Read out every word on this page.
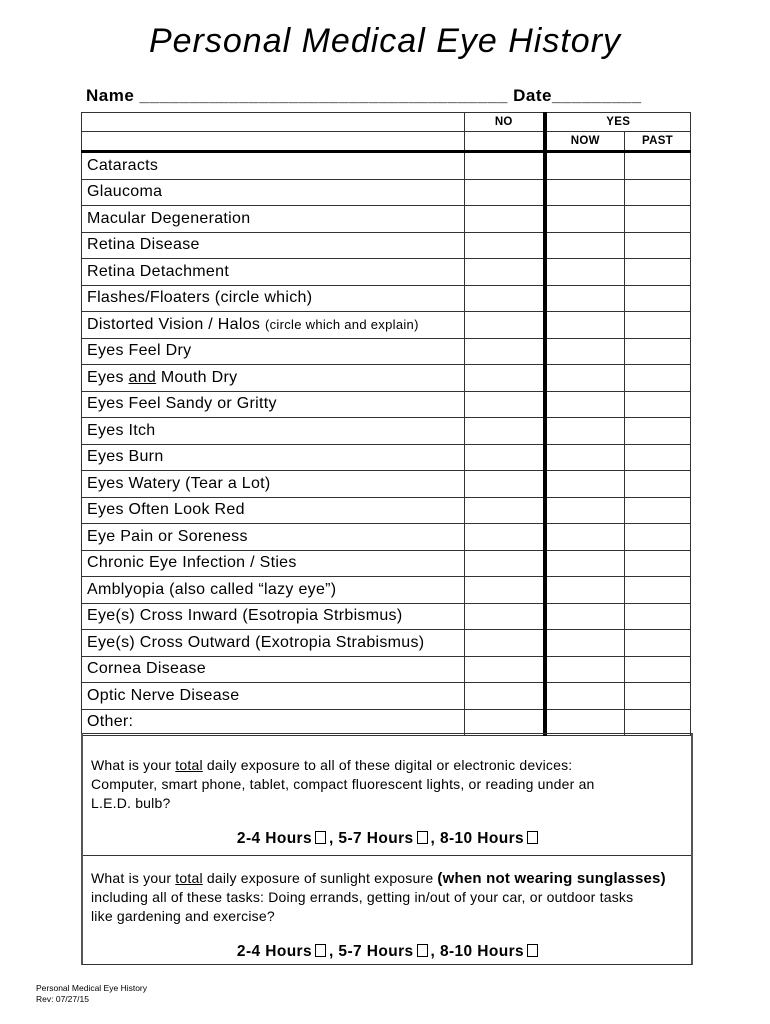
Personal Medical Eye History
Name _____________________________________ Date_________
	NO	YES	
		NOW	PAST
Cataracts			
Glaucoma			
Macular Degeneration			
Retina Disease			
Retina Detachment			
Flashes/Floaters (circle which)			
Distorted Vision / Halos (circle which and explain)			
Eyes Feel Dry			
Eyes and Mouth Dry			
Eyes Feel Sandy or Gritty			
Eyes Itch			
Eyes Burn			
Eyes Watery (Tear a Lot)			
Eyes Often Look Red			
Eye Pain or Soreness			
Chronic Eye Infection / Sties			
Amblyopia (also called “lazy eye”)			
Eye(s) Cross Inward (Esotropia Strbismus)			
Eye(s) Cross Outward (Exotropia Strabismus)			
Cornea Disease			
Optic Nerve Disease			
Other:			
What is your total daily exposure to all of these digital or electronic devices:
Computer, smart phone, tablet, compact fluorescent lights, or reading under an
L.E.D. bulb?
2-4 Hours , 5-7 Hours , 8-10 Hours
What is your total daily exposure of sunlight exposure (when not wearing sunglasses)
including all of these tasks: Doing errands, getting in/out of your car, or outdoor tasks
like gardening and exercise?
2-4 Hours , 5-7 Hours , 8-10 Hours
Personal Medical Eye History
Rev: 07/27/15
